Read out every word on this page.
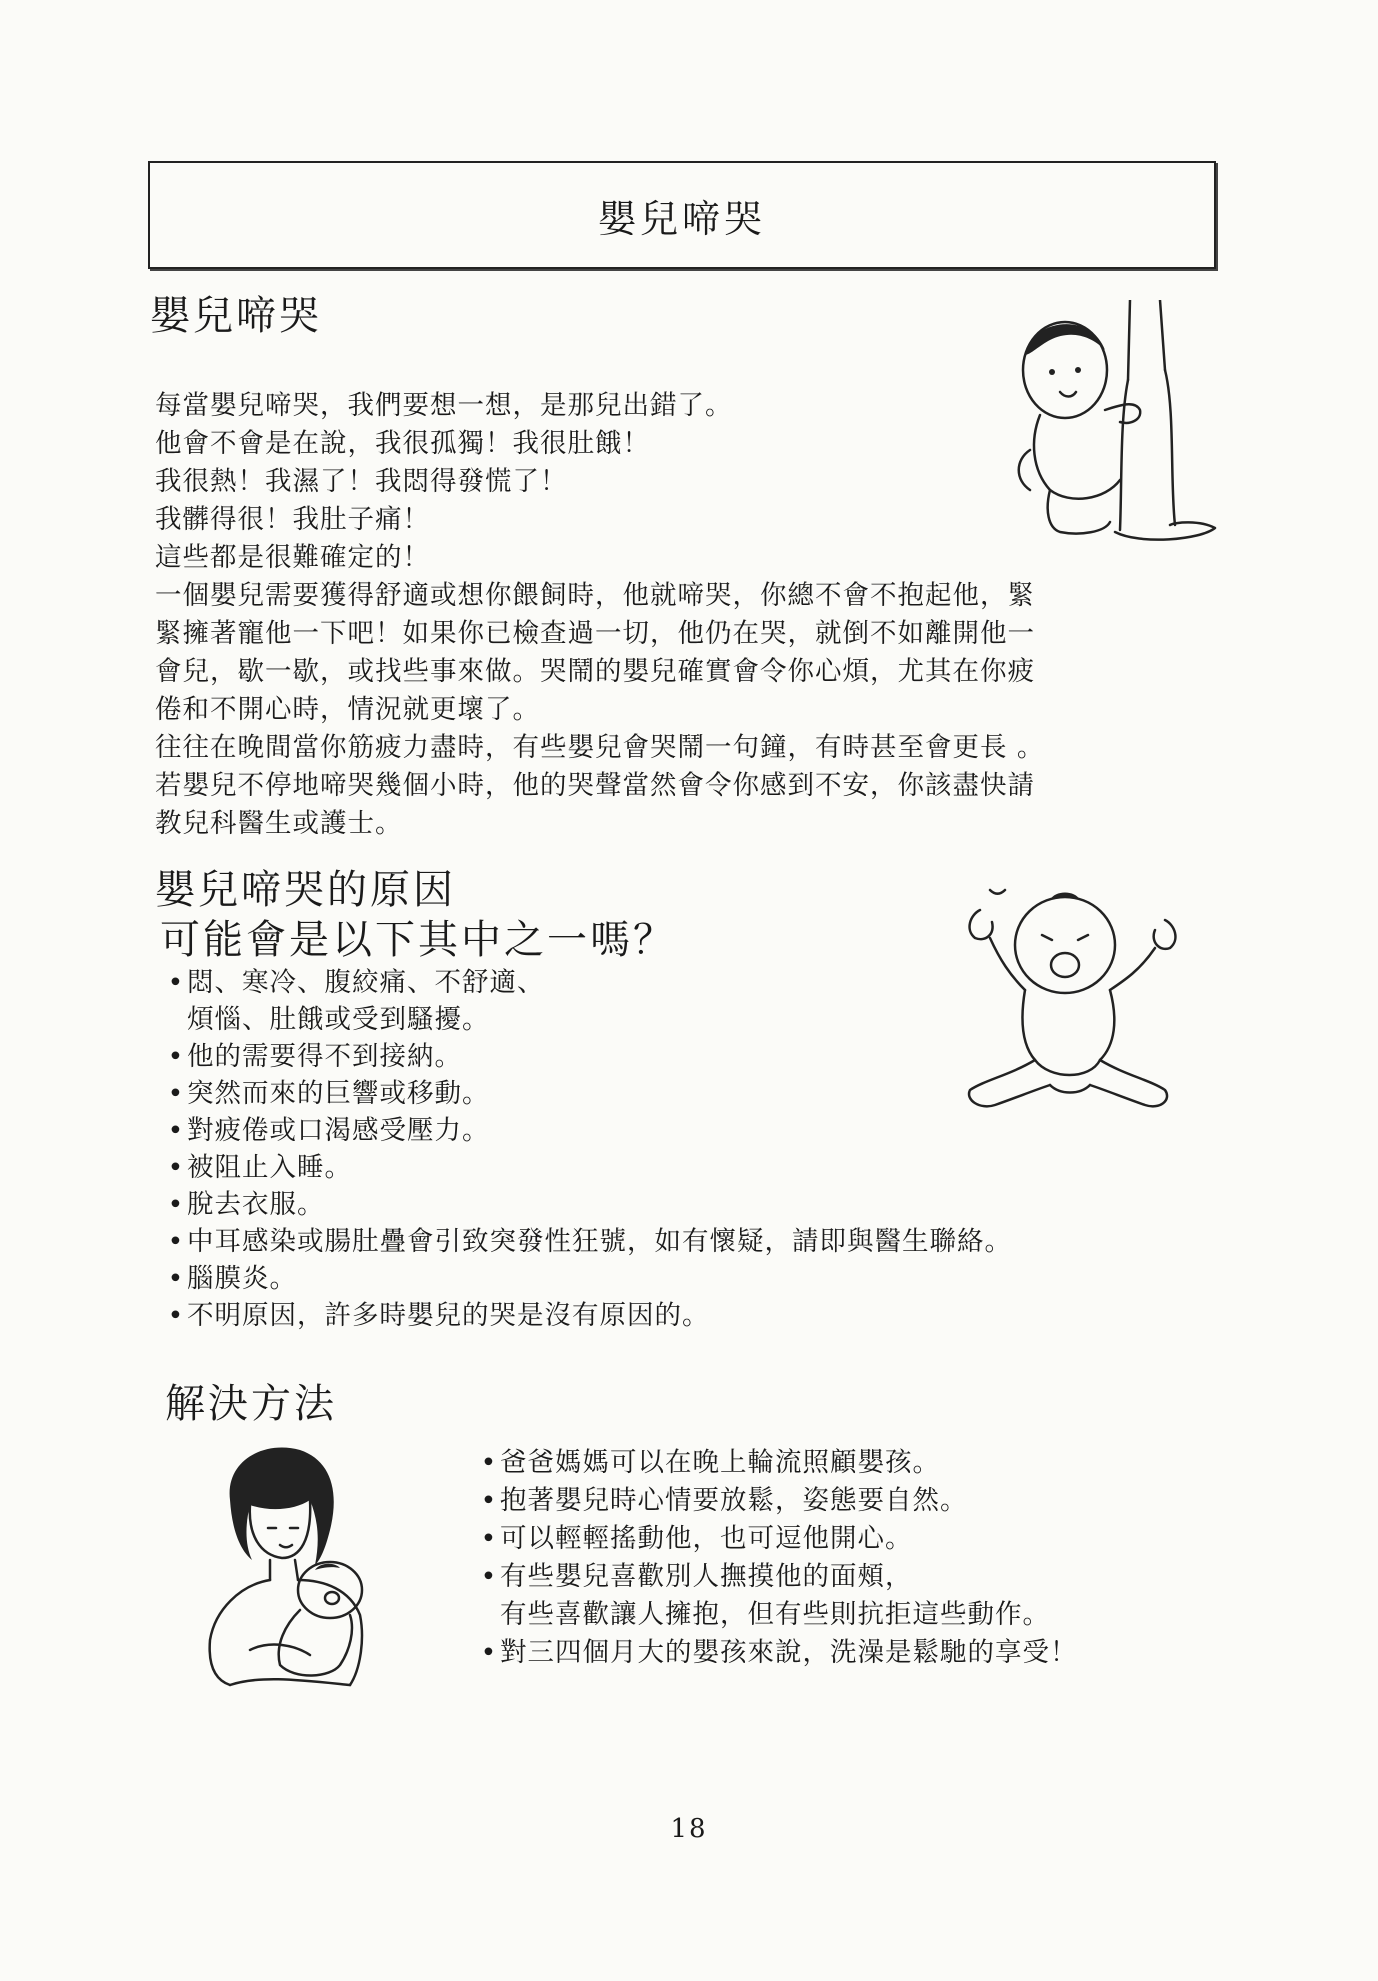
嬰兒啼哭
嬰兒啼哭
每當嬰兒啼哭，我們要想一想，是那兒出錯了。
他會不會是在說，我很孤獨！我很肚餓！
我很熱！我濕了！我悶得發慌了！
我髒得很！我肚子痛！
這些都是很難確定的！
一個嬰兒需要獲得舒適或想你餵飼時，他就啼哭，你總不會不抱起他，緊
緊擁著寵他一下吧！如果你已檢查過一切，他仍在哭，就倒不如離開他一
會兒，歇一歇，或找些事來做。哭鬧的嬰兒確實會令你心煩，尤其在你疲
倦和不開心時，情況就更壞了。
往往在晚間當你筋疲力盡時，有些嬰兒會哭鬧一句鐘，有時甚至會更長 。
若嬰兒不停地啼哭幾個小時，他的哭聲當然會令你感到不安，你該盡快請
教兒科醫生或護士。
嬰兒啼哭的原因
可能會是以下其中之一嗎？
• 悶、寒冷、腹絞痛、不舒適、
煩惱、肚餓或受到騷擾。
• 他的需要得不到接納。
• 突然而來的巨響或移動。
• 對疲倦或口渴感受壓力。
• 被阻止入睡。
• 脫去衣服。
• 中耳感染或腸肚疊會引致突發性狂號，如有懷疑，請即與醫生聯絡。
• 腦膜炎。
• 不明原因，許多時嬰兒的哭是沒有原因的。
解決方法
• 爸爸媽媽可以在晚上輪流照顧嬰孩。
• 抱著嬰兒時心情要放鬆，姿態要自然。
• 可以輕輕搖動他，也可逗他開心。
• 有些嬰兒喜歡別人撫摸他的面頰，
有些喜歡讓人擁抱，但有些則抗拒這些動作。
• 對三四個月大的嬰孩來說，洗澡是鬆馳的享受！
18
